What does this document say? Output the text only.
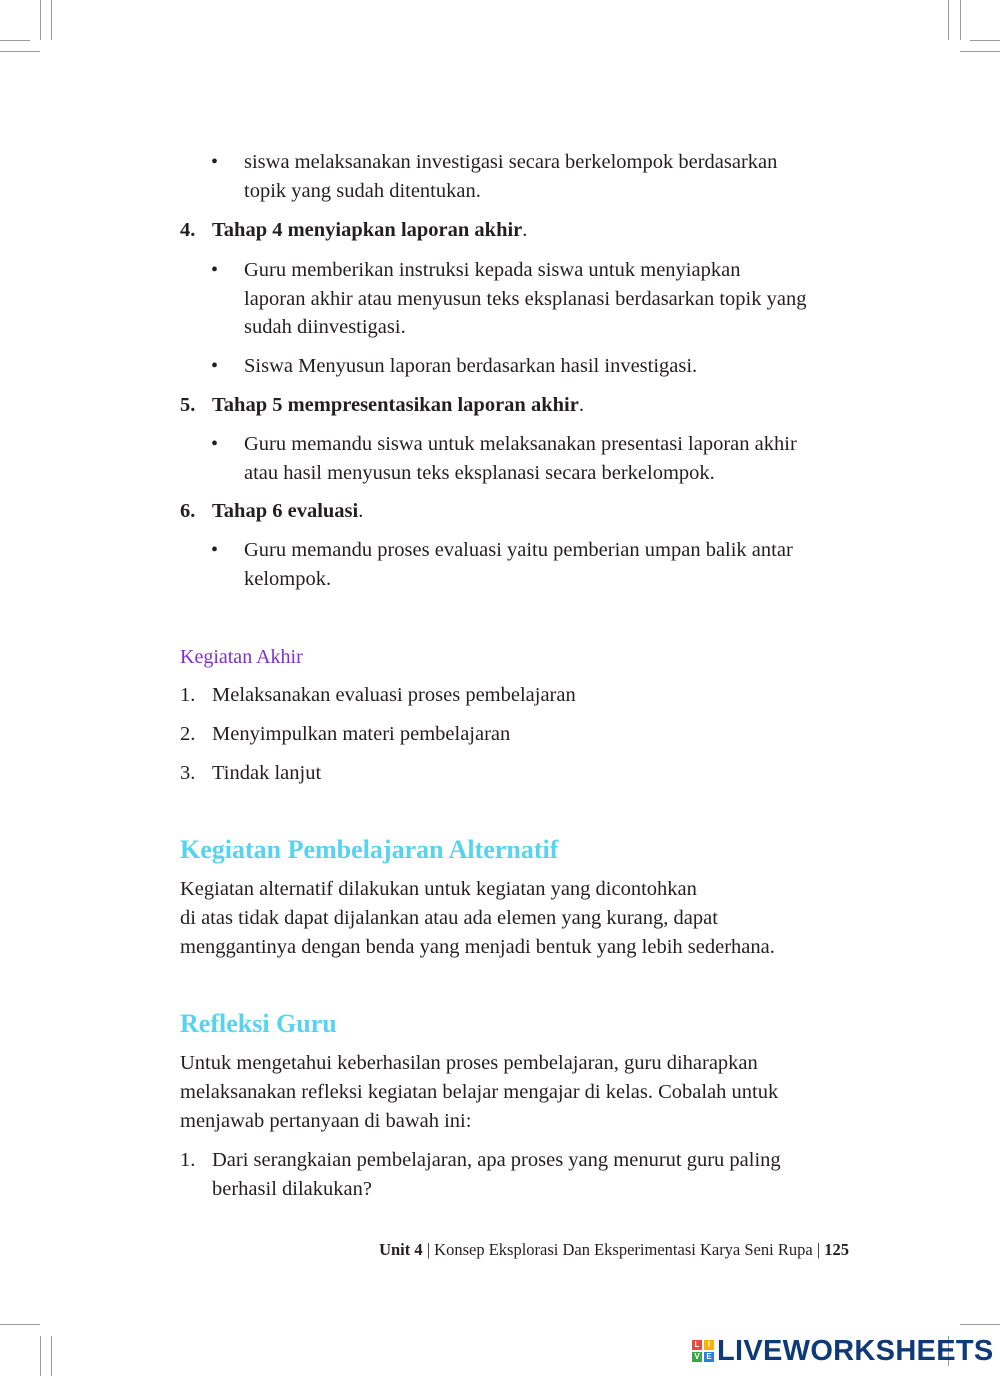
• siswa melaksanakan investigasi secara berkelompok berdasarkan
topik yang sudah ditentukan.
4. Tahap 4 menyiapkan laporan akhir.
• Guru memberikan instruksi kepada siswa untuk menyiapkan
laporan akhir atau menyusun teks eksplanasi berdasarkan topik yang
sudah diinvestigasi.
• Siswa Menyusun laporan berdasarkan hasil investigasi.
5. Tahap 5 mempresentasikan laporan akhir.
• Guru memandu siswa untuk melaksanakan presentasi laporan akhir
atau hasil menyusun teks eksplanasi secara berkelompok.
6. Tahap 6 evaluasi.
• Guru memandu proses evaluasi yaitu pemberian umpan balik antar
kelompok.
Kegiatan Akhir
1. Melaksanakan evaluasi proses pembelajaran
2. Menyimpulkan materi pembelajaran
3. Tindak lanjut
Kegiatan Pembelajaran Alternatif
Kegiatan alternatif dilakukan untuk kegiatan yang dicontohkan
di atas tidak dapat dijalankan atau ada elemen yang kurang, dapat
menggantinya dengan benda yang menjadi bentuk yang lebih sederhana.
Refleksi Guru
Untuk mengetahui keberhasilan proses pembelajaran, guru diharapkan
melaksanakan refleksi kegiatan belajar mengajar di kelas. Cobalah untuk
menjawab pertanyaan di bawah ini:
1. Dari serangkaian pembelajaran, apa proses yang menurut guru paling
berhasil dilakukan?
Unit 4 | Konsep Eksplorasi Dan Eksperimentasi Karya Seni Rupa | 125
L	I
V E LIVEWORKSHEETS
